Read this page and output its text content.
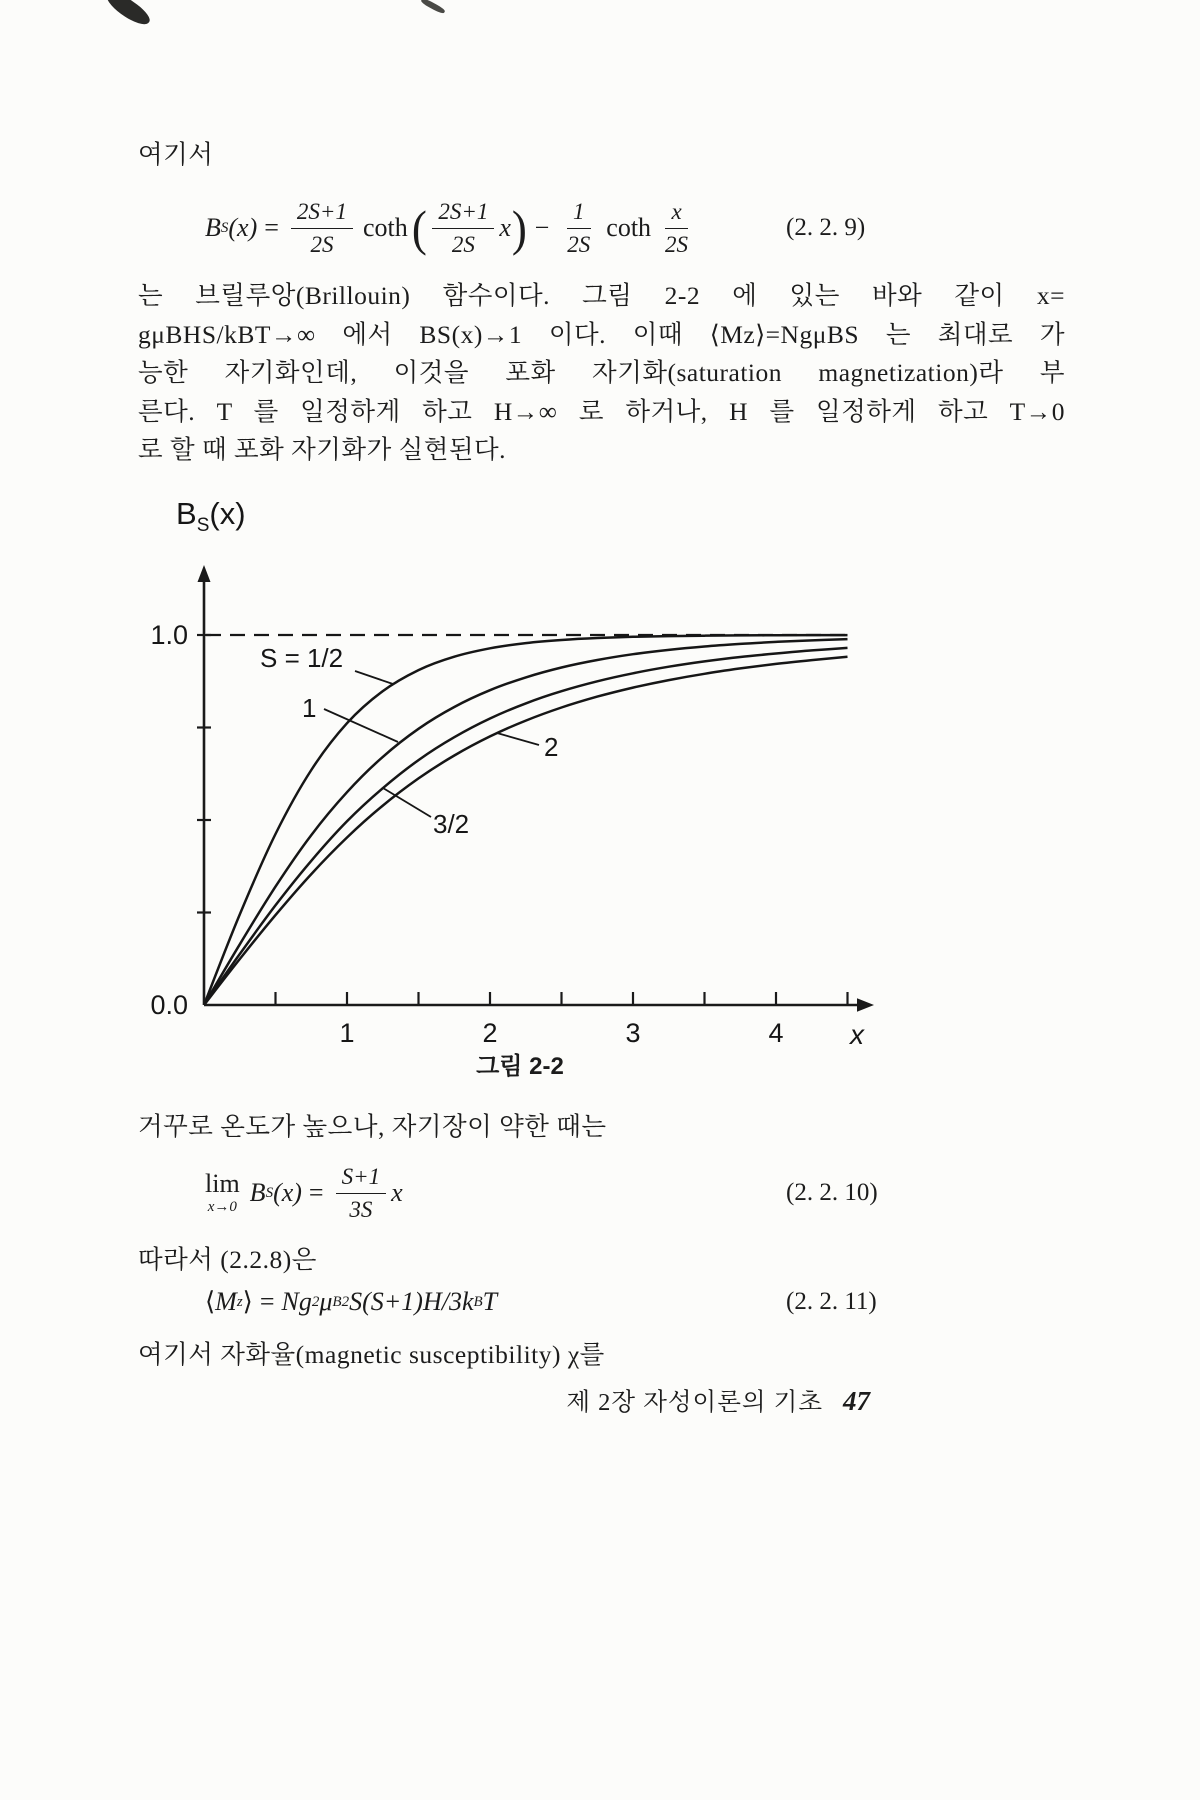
여기서
B S $(x) = \frac{2S+1}{2S}$ coth ( $\frac{2S+1}{2S}$ x ) − $\frac{1}{2S}$ coth $\frac{x}{2S}$	(2. 2. 9)
는 브릴루앙(Brillouin) 함수이다. 그림 2-2 에 있는 바와 같이 x=
gμBHS/kBT→∞ 에서 BS(x)→1 이다. 이때 ⟨Mz⟩=NgμBS 는 최대로 가
능한 자기화인데, 이것을 포화 자기화(saturation magnetization)라 부
른다. T 를 일정하게 하고 H→∞ 로 하거나, H 를 일정하게 하고 T→0
로 할 때 포화 자기화가 실현된다.
$B_S(x)$
1	2	3	4
1.0
0.0
x
S = 1/2
1
3/2
2
그림 2-2
거꾸로 온도가 높으나, 자기장이 약한 때는
lim
x→0 B S $(x) = \frac{S+1}{3S}$ x	(2. 2. 10)
따라서 (2.2.8)은
⟨ M z ⟩ = Ng 2 μ B 2 S(S+1)H/3k B T	(2. 2. 11)
여기서 자화율(magnetic susceptibility) χ를
제 2장 자성이론의 기초 47
